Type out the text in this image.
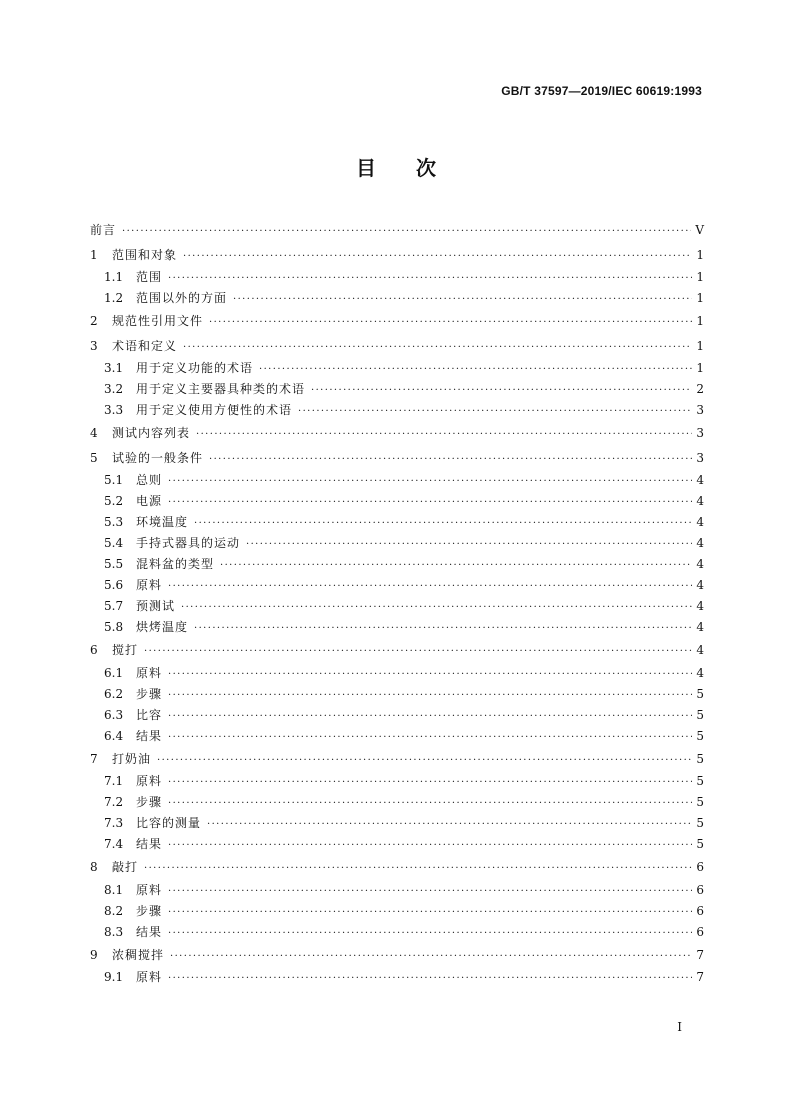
GB/T 37597—2019/IEC 60619:1993
目 次
前言 ·····	V
1	范围和对象 ·····	1
1.1	范围 ·····	1
1.2	范围以外的方面 ·····	1
2	规范性引用文件 ·····	1
3	术语和定义 ·····	1
3.1	用于定义功能的术语 ·····	1
3.2	用于定义主要器具种类的术语 ·····	2
3.3	用于定义使用方便性的术语 ·····	3
4	测试内容列表 ·····	3
5	试验的一般条件 ·····	3
5.1	总则 ·····	4
5.2	电源 ·····	4
5.3	环境温度 ·····	4
5.4	手持式器具的运动 ·····	4
5.5	混料盆的类型 ·····	4
5.6	原料 ·····	4
5.7	预测试 ·····	4
5.8	烘烤温度 ·····	4
6	搅打 ·····	4
6.1	原料 ·····	4
6.2	步骤 ·····	5
6.3	比容 ·····	5
6.4	结果 ·····	5
7	打奶油 ·····	5
7.1	原料 ·····	5
7.2	步骤 ·····	5
7.3	比容的测量 ·····	5
7.4	结果 ·····	5
8	敲打 ·····	6
8.1	原料 ·····	6
8.2	步骤 ·····	6
8.3	结果 ·····	6
9	浓稠搅拌 ·····	7
9.1	原料 ·····	7
I
